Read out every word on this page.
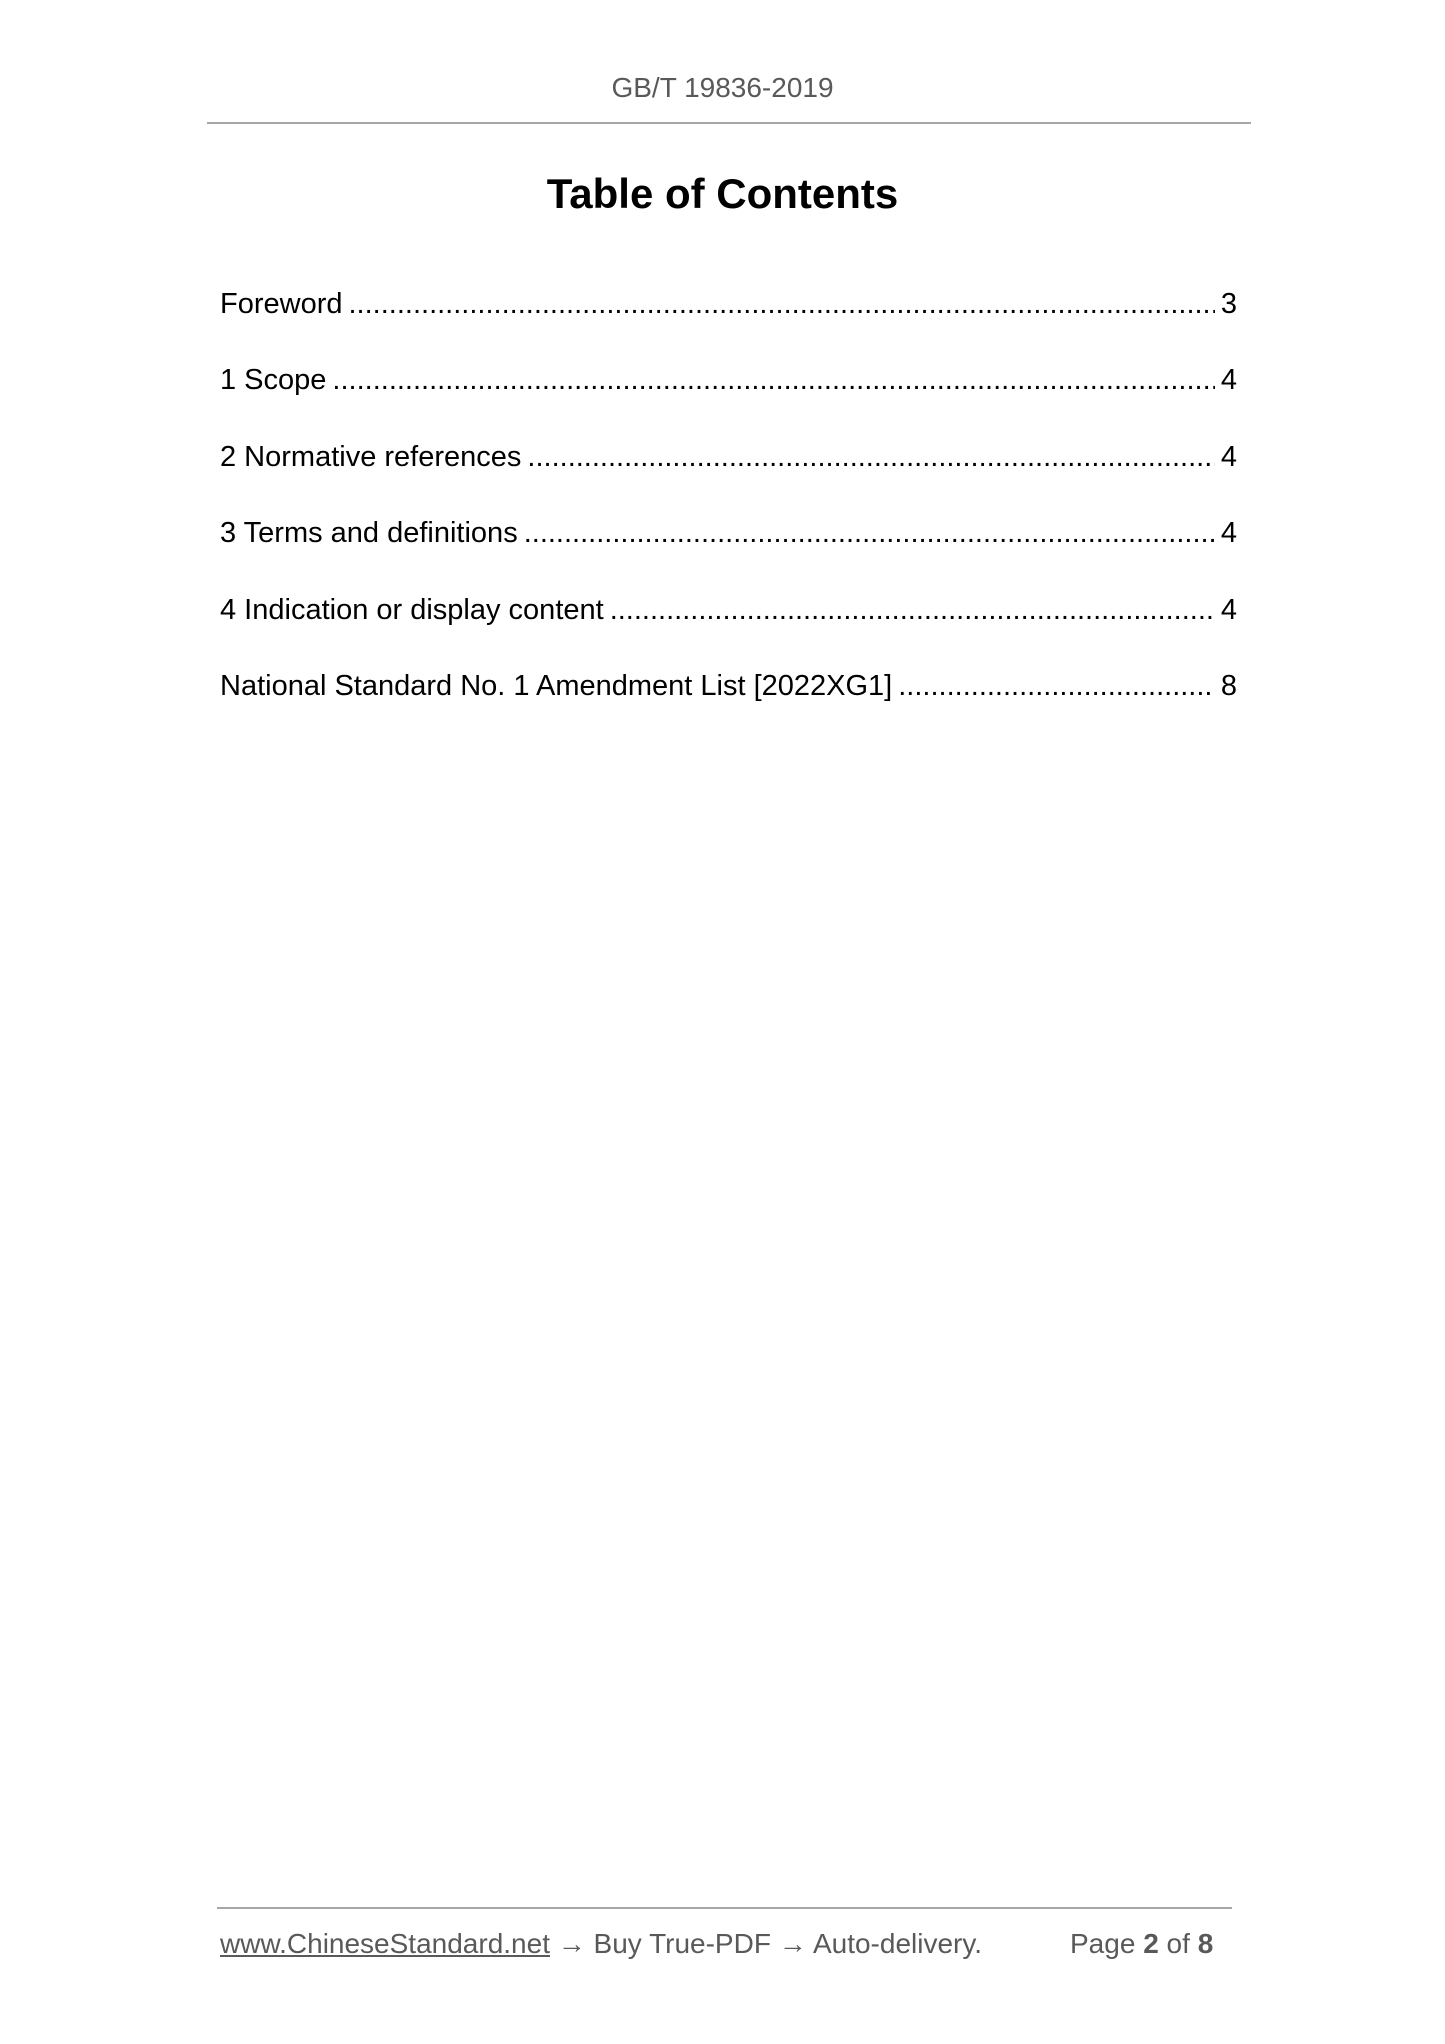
GB/T 19836-2019
Table of Contents
Foreword .....	3
1 Scope .....	4
2 Normative references .....	4
3 Terms and definitions .....	4
4 Indication or display content .....	4
National Standard No. 1 Amendment List [2022XG1] .....	8
www.ChineseStandard.net → Buy True-PDF → Auto-delivery.	Page 2 of 8
